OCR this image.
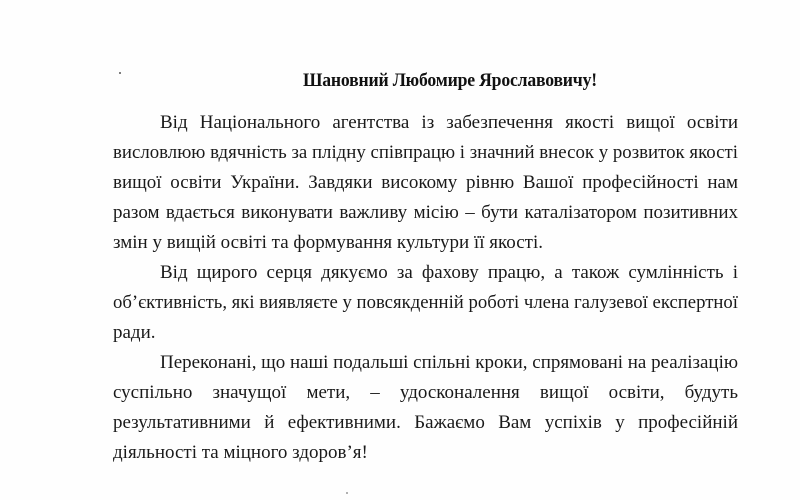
Шановний Любомире Ярославовичу!
Від Національного агентства із забезпечення якості вищої освіти
висловлюю вдячність за плідну співпрацю і значний внесок у розвиток якості
вищої освіти України. Завдяки високому рівню Вашої професійності нам
разом вдається виконувати важливу місію – бути каталізатором позитивних
змін у вищій освіті та формування культури її якості.
Від щирого серця дякуємо за фахову працю, а також сумлінність і
об’єктивність, які виявляєте у повсякденній роботі члена галузевої експертної
ради.
Переконані, що наші подальші спільні кроки, спрямовані на реалізацію
суспільно значущої мети, – удосконалення вищої освіти, будуть
результативними й ефективними. Бажаємо Вам успіхів у професійній
діяльності та міцного здоров’я!
